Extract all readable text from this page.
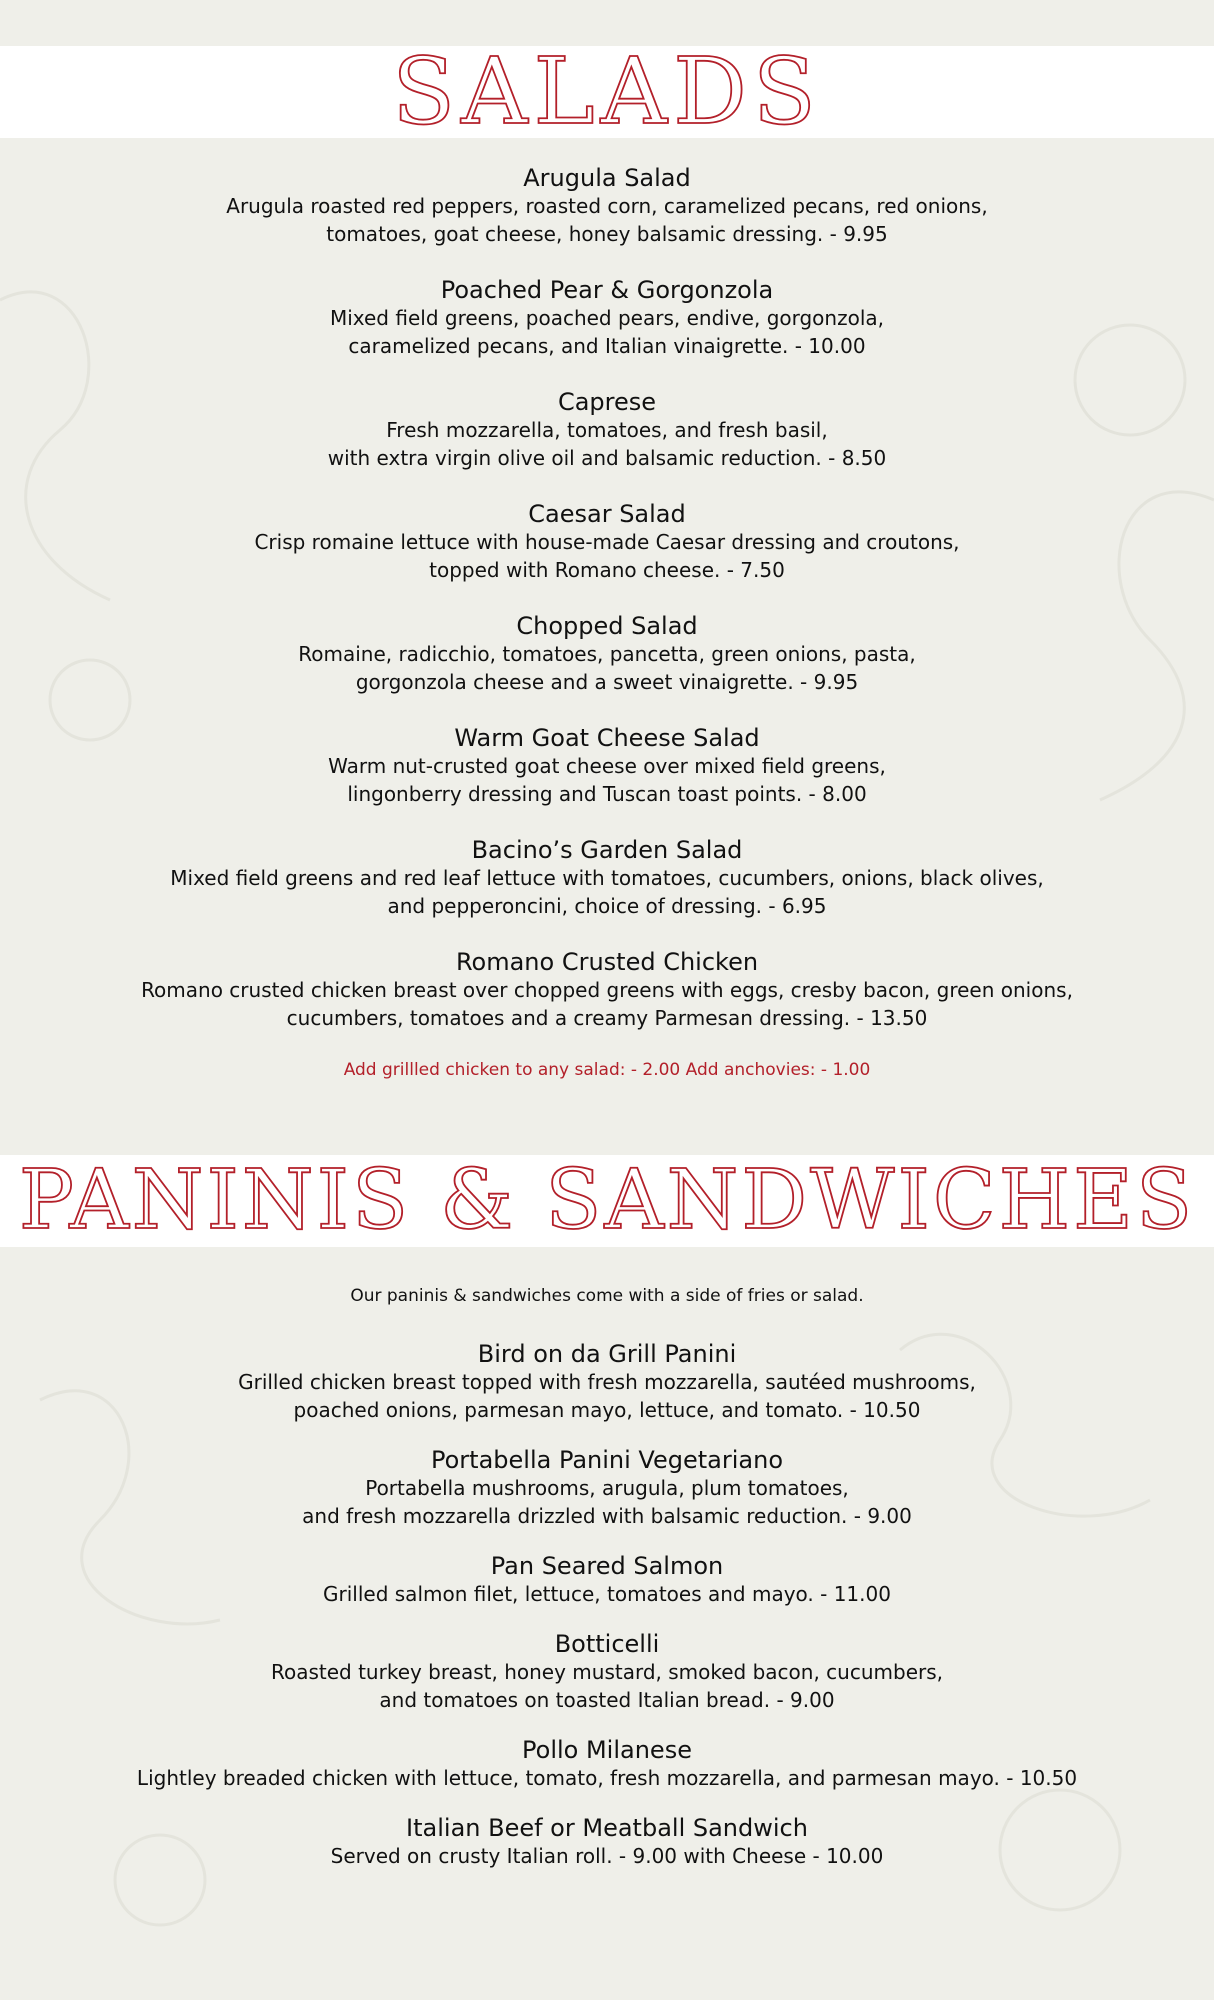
SALADS
Arugula Salad
Arugula roasted red peppers, roasted corn, caramelized pecans, red onions,
tomatoes, goat cheese, honey balsamic dressing. - 9.95
Poached Pear & Gorgonzola
Mixed field greens, poached pears, endive, gorgonzola,
caramelized pecans, and Italian vinaigrette. - 10.00
Caprese
Fresh mozzarella, tomatoes, and fresh basil,
with extra virgin olive oil and balsamic reduction. - 8.50
Caesar Salad
Crisp romaine lettuce with house-made Caesar dressing and croutons,
topped with Romano cheese. - 7.50
Chopped Salad
Romaine, radicchio, tomatoes, pancetta, green onions, pasta,
gorgonzola cheese and a sweet vinaigrette. - 9.95
Warm Goat Cheese Salad
Warm nut-crusted goat cheese over mixed field greens,
lingonberry dressing and Tuscan toast points. - 8.00
Bacino’s Garden Salad
Mixed field greens and red leaf lettuce with tomatoes, cucumbers, onions, black olives,
and pepperoncini, choice of dressing. - 6.95
Romano Crusted Chicken
Romano crusted chicken breast over chopped greens with eggs, cresby bacon, green onions,
cucumbers, tomatoes and a creamy Parmesan dressing. - 13.50
Add grillled chicken to any salad: - 2.00 Add anchovies: - 1.00
PANINIS & SANDWICHES
Our paninis & sandwiches come with a side of fries or salad.
Bird on da Grill Panini
Grilled chicken breast topped with fresh mozzarella, sautéed mushrooms,
poached onions, parmesan mayo, lettuce, and tomato. - 10.50
Portabella Panini Vegetariano
Portabella mushrooms, arugula, plum tomatoes,
and fresh mozzarella drizzled with balsamic reduction. - 9.00
Pan Seared Salmon
Grilled salmon filet, lettuce, tomatoes and mayo. - 11.00
Botticelli
Roasted turkey breast, honey mustard, smoked bacon, cucumbers,
and tomatoes on toasted Italian bread. - 9.00
Pollo Milanese
Lightley breaded chicken with lettuce, tomato, fresh mozzarella, and parmesan mayo. - 10.50
Italian Beef or Meatball Sandwich
Served on crusty Italian roll. - 9.00 with Cheese - 10.00
